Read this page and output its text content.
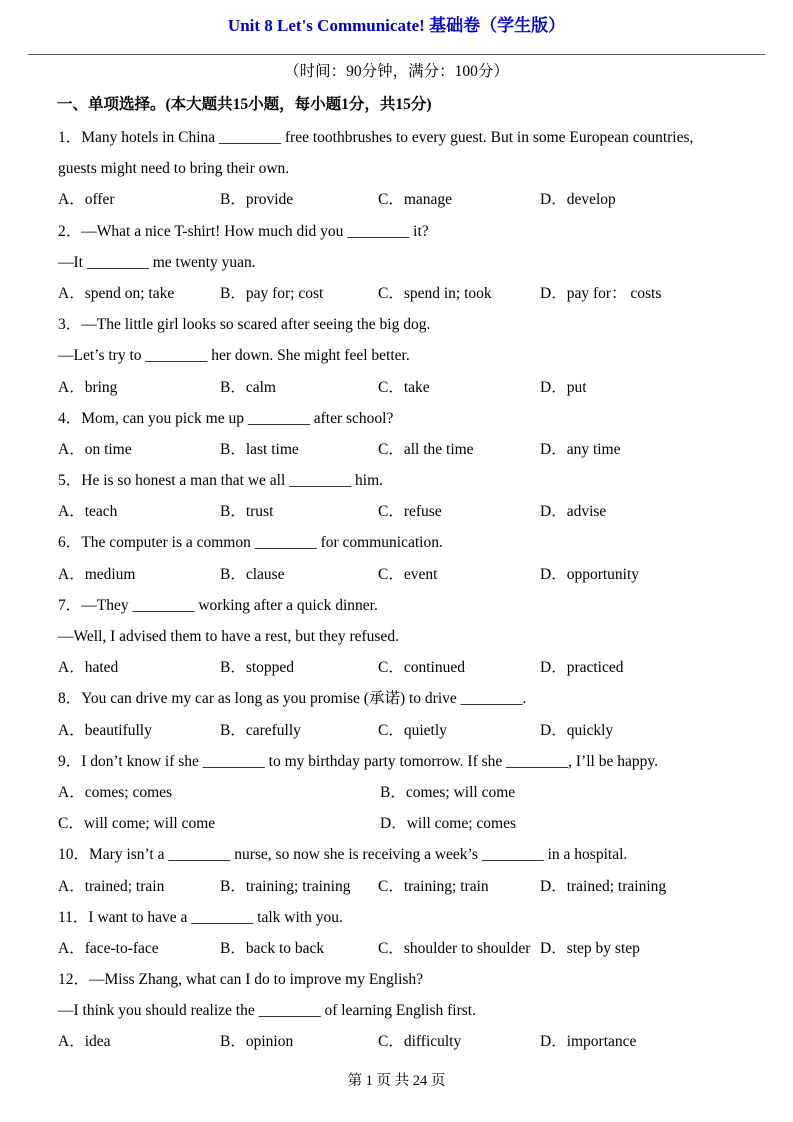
Unit 8 Let's Communicate! 基础卷（学生版）
（时间：90分钟，满分：100分）
一、单项选择。(本大题共15小题，每小题1分，共15分)
1．Many hotels in China ________ free toothbrushes to every guest. But in some European countries,
guests might need to bring their own.
A．offer	B．provide	C．manage	D．develop
2．—What a nice T-shirt! How much did you ________ it?
—It ________ me twenty yuan.
A．spend on; take	B．pay for; cost	C．spend in; took	D．pay for： costs
3．—The little girl looks so scared after seeing the big dog.
—Let’s try to ________ her down. She might feel better.
A．bring	B．calm	C．take	D．put
4．Mom, can you pick me up ________ after school?
A．on time	B．last time	C．all the time	D．any time
5．He is so honest a man that we all ________ him.
A．teach	B．trust	C．refuse	D．advise
6．The computer is a common ________ for communication.
A．medium	B．clause	C．event	D．opportunity
7．—They ________ working after a quick dinner.
—Well, I advised them to have a rest, but they refused.
A．hated	B．stopped	C．continued	D．practiced
8．You can drive my car as long as you promise (承诺) to drive ________.
A．beautifully	B．carefully	C．quietly	D．quickly
9．I don’t know if she ________ to my birthday party tomorrow. If she ________, I’ll be happy.
A．comes; comes	B．comes; will come
C．will come; will come	D．will come; comes
10．Mary isn’t a ________ nurse, so now she is receiving a week’s ________ in a hospital.
A．trained; train	B．training; training	C．training; train	D．trained; training
11．I want to have a ________ talk with you.
A．face-to-face	B．back to back	C．shoulder to shoulder D．step by step
12．—Miss Zhang, what can I do to improve my English?
—I think you should realize the ________ of learning English first.
A．idea	B．opinion	C．difficulty	D．importance
第 1 页 共 24 页
